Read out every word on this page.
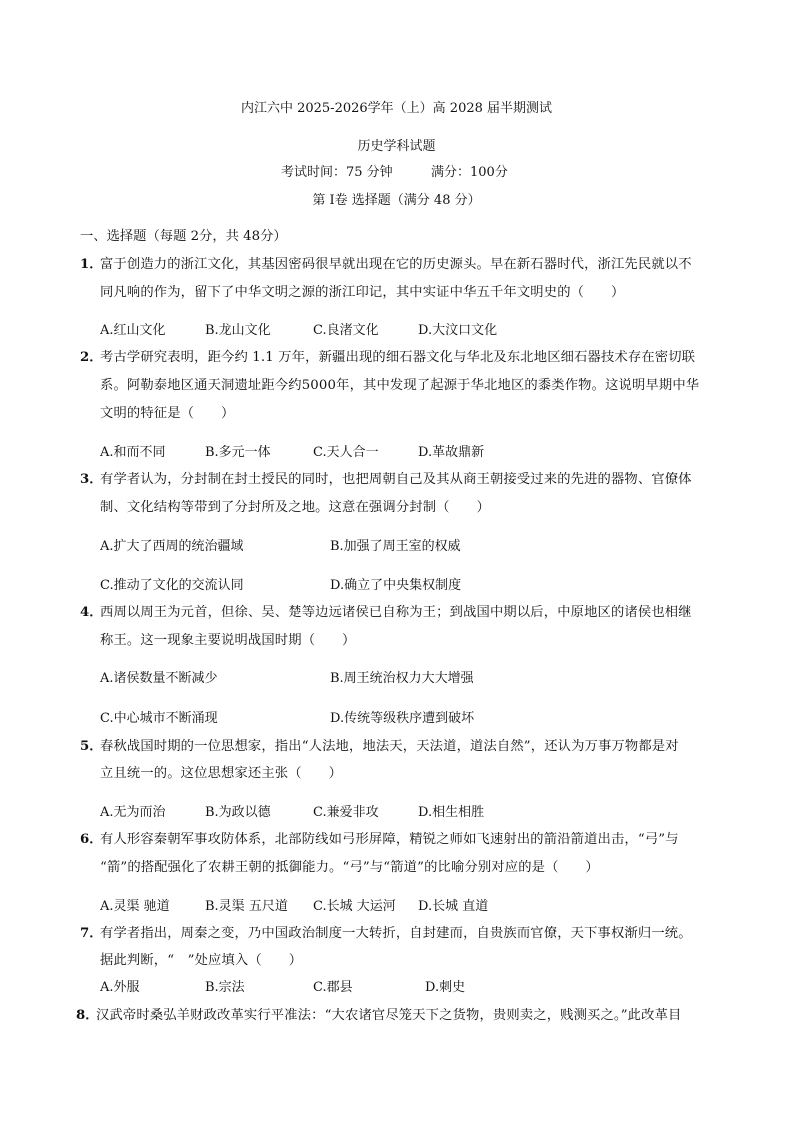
内江六中 2025-2026学年（上）高 2028 届半期测试
历史学科试题
考试时间：75 分钟	满分：100分
第 I卷 选择题（满分 48 分）
一、选择题（每题 2分，共 48分）
1．
富于创造力的浙江文化，其基因密码很早就出现在它的历史源头。早在新石器时代，浙江先民就以不
同凡响的作为，留下了中华文明之源的浙江印记，其中实证中华五千年文明史的（　　）
A.红山文化	B.龙山文化	C.良渚文化	D.大汶口文化
2．
考古学研究表明，距今约 1.1 万年，新疆出现的细石器文化与华北及东北地区细石器技术存在密切联
系。阿勒泰地区通天洞遗址距今约5000年，其中发现了起源于华北地区的黍类作物。这说明早期中华
文明的特征是（　　）
A.和而不同	B.多元一体	C.天人合一	D.革故鼎新
3．
有学者认为，分封制在封土授民的同时，也把周朝自己及其从商王朝接受过来的先进的器物、官僚体
制、文化结构等带到了分封所及之地。这意在强调分封制（　　）
A.扩大了西周的统治疆域	B.加强了周王室的权威
C.推动了文化的交流认同	D.确立了中央集权制度
4．
西周以周王为元首，但徐、吴、楚等边远诸侯已自称为王；到战国中期以后，中原地区的诸侯也相继
称王。这一现象主要说明战国时期（　　）
A.诸侯数量不断减少	B.周王统治权力大大增强
C.中心城市不断涌现	D.传统等级秩序遭到破坏
5．
春秋战国时期的一位思想家，指出“人法地，地法天，天法道，道法自然”，还认为万事万物都是对
立且统一的。这位思想家还主张（　　）
A.无为而治	B.为政以德	C.兼爱非攻	D.相生相胜
6．
有人形容秦朝军事攻防体系，北部防线如弓形屏障，精锐之师如飞速射出的箭沿箭道出击，“弓”与
“箭”的搭配强化了农耕王朝的抵御能力。“弓”与“箭道”的比喻分别对应的是（　　）
A.灵渠 驰道	B.灵渠 五尺道 C.长城 大运河 D.长城 直道
7．
有学者指出，周秦之变，乃中国政治制度一大转折，自封建而，自贵族而官僚，天下事权渐归一统。
据此判断，“　”处应填入（　　）
A.外服	B.宗法	C.郡县	D.刺史
8．
汉武帝时桑弘羊财政改革实行平准法：“大农诸官尽笼天下之货物，贵则卖之，贱测买之。”此改革目
